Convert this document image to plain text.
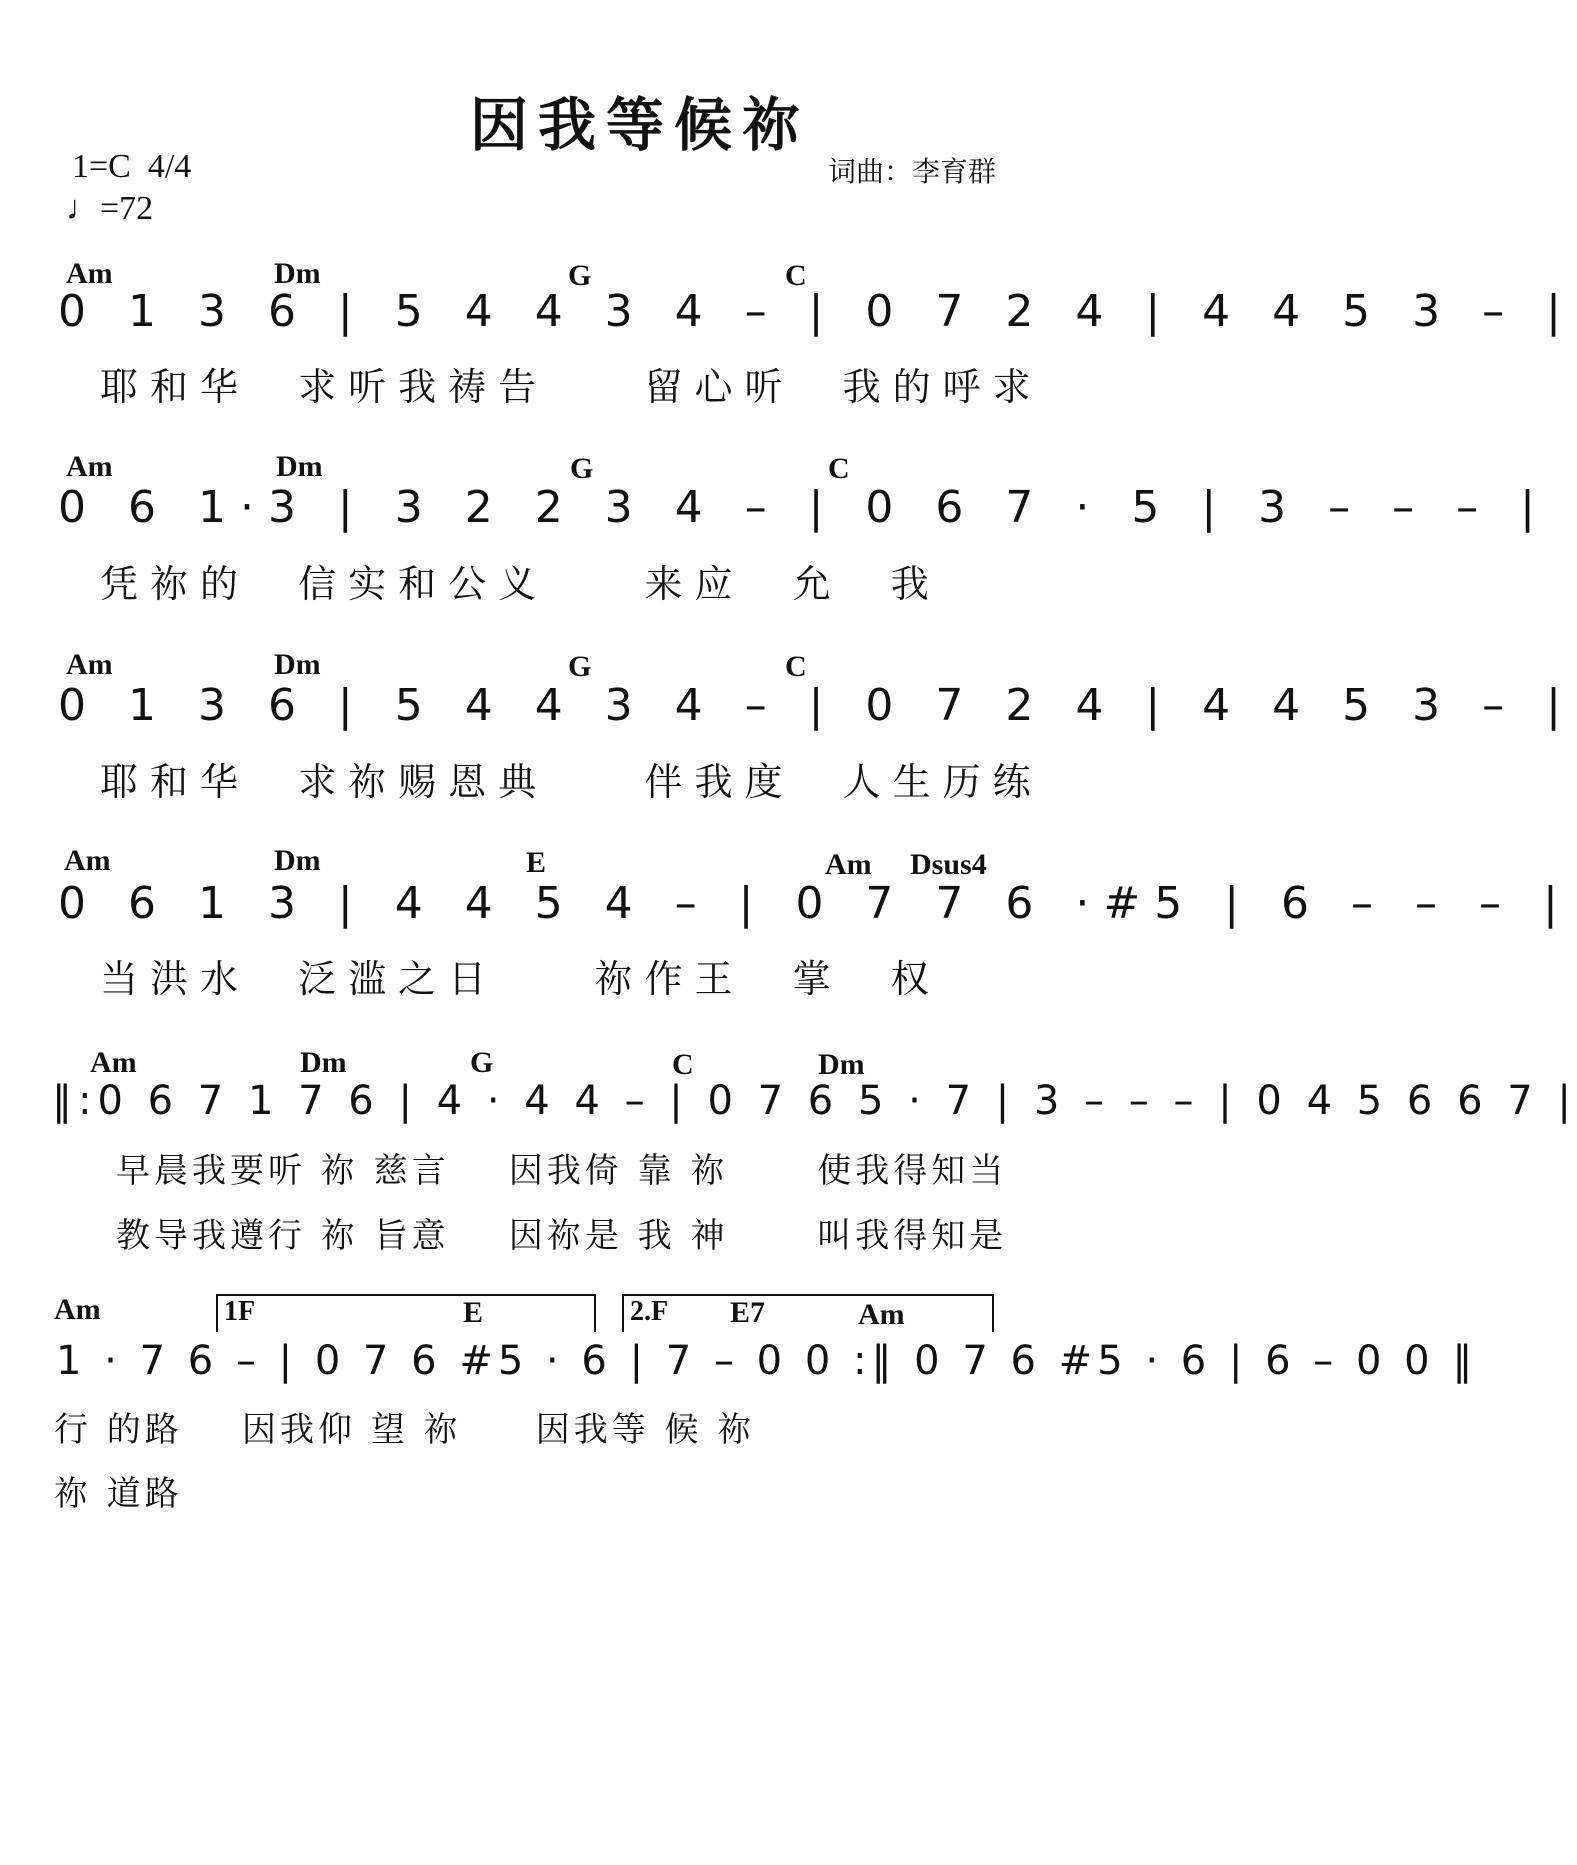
因我等候祢
1=C  4/4
♩=72
词曲：李育群
Am	Dm	G	C
0 1 3 6 | 5 4 4 3 4 – | 0 7 2 4 | 4 4 5 3 – |
耶和华  求听我祷告    留心听  我的呼求
Am	Dm	G	C
0 6 1·3 | 3 2 2 3 4 – | 0 6 7 · 5 | 3 – – – |
凭祢的  信实和公义    来应  允  我
Am	Dm	G	C
0 1 3 6 | 5 4 4 3 4 – | 0 7 2 4 | 4 4 5 3 – |
耶和华  求祢赐恩典    伴我度  人生历练
Am	Dm	E	Am Dsus4
0 6 1 3 | 4 4 5 4 – | 0 7 7 6 ·#5 | 6 – – – |
当洪水  泛滥之日    祢作王  掌  权
Am	Dm	G	C	Dm
‖:0 6 7 1 7 6 | 4 · 4 4 – | 0 7 6 5 · 7 | 3 – – – | 0 4 5 6 6 7 |
早晨我要听 祢 慈言    因我倚 靠 祢      使我得知当
教导我遵行 祢 旨意    因祢是 我 神      叫我得知是
Am	1F	E	2.F E7	Am
1 · 7 6 – | 0 7 6 #5 · 6 | 7 – 0 0 :‖ 0 7 6 #5 · 6 | 6 – 0 0 ‖
行 的路    因我仰 望 祢     因我等 候 祢
祢 道路
